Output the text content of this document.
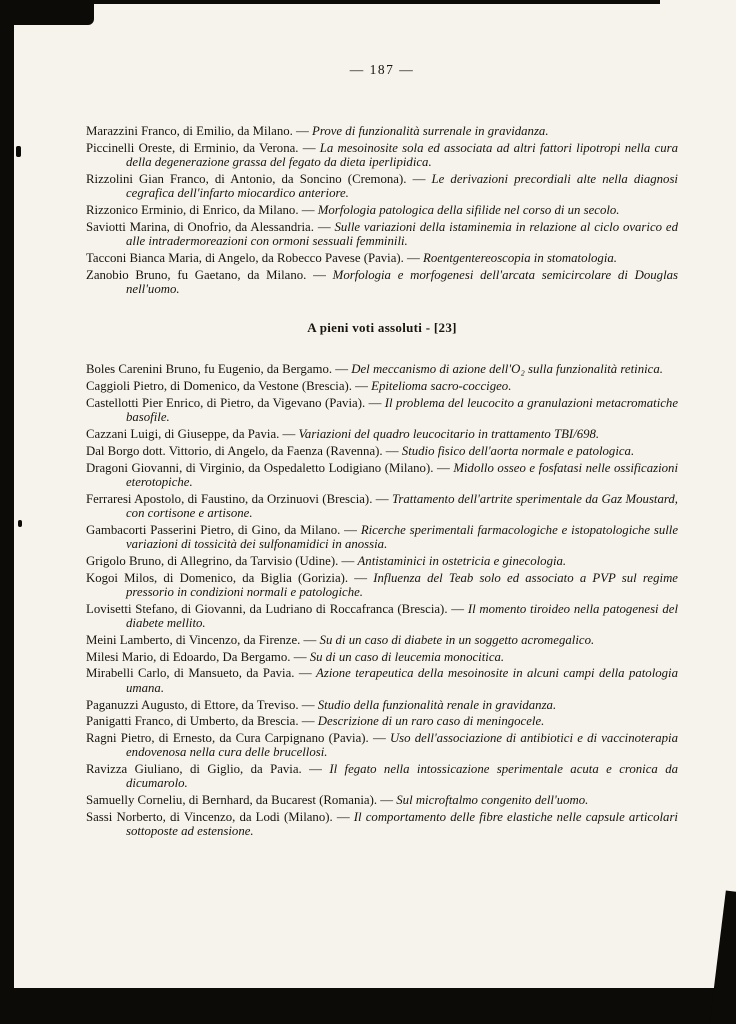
— 187 —

Marazzini Franco, di Emilio, da Milano. — Prove di funzionalità surrenale in gravidanza.

Piccinelli Oreste, di Erminio, da Verona. — La mesoinosite sola ed associata ad altri fattori lipotropi nella cura della degenerazione grassa del fegato da dieta iperlipidica.

Rizzolini Gian Franco, di Antonio, da Soncino (Cremona). — Le derivazioni precordiali alte nella diagnosi cegrafica dell'infarto miocardico anteriore.

Rizzonico Erminio, di Enrico, da Milano. — Morfologia patologica della sifilide nel corso di un secolo.

Saviotti Marina, di Onofrio, da Alessandria. — Sulle variazioni della istaminemia in relazione al ciclo ovarico ed alle intradermoreazioni con ormoni sessuali femminili.

Tacconi Bianca Maria, di Angelo, da Robecco Pavese (Pavia). — Roentgentereoscopia in stomatologia.

Zanobio Bruno, fu Gaetano, da Milano. — Morfologia e morfogenesi dell'arcata semicircolare di Douglas nell'uomo.

A pieni voti assoluti - [23]

Boles Carenini Bruno, fu Eugenio, da Bergamo. — Del meccanismo di azione dell'O₂ sulla funzionalità retinica.

Caggioli Pietro, di Domenico, da Vestone (Brescia). — Epitelioma sacro-coccigeo.

Castellotti Pier Enrico, di Pietro, da Vigevano (Pavia). — Il problema del leucocito a granulazioni metacromatiche basofile.

Cazzani Luigi, di Giuseppe, da Pavia. — Variazioni del quadro leucocitario in trattamento TBI/698.

Dal Borgo dott. Vittorio, di Angelo, da Faenza (Ravenna). — Studio fisico dell'aorta normale e patologica.

Dragoni Giovanni, di Virginio, da Ospedaletto Lodigiano (Milano). — Midollo osseo e fosfatasi nelle ossificazioni eterotopiche.

Ferraresi Apostolo, di Faustino, da Orzinuovi (Brescia). — Trattamento dell'artrite sperimentale da Gaz Moustard, con cortisone e artisone.

Gambacorti Passerini Pietro, di Gino, da Milano. — Ricerche sperimentali farmacologiche e istopatologiche sulle variazioni di tossicità dei sulfonamidici in anossia.

Grigolo Bruno, di Allegrino, da Tarvisio (Udine). — Antistaminici in ostetricia e ginecologia.

Kogoi Milos, di Domenico, da Biglia (Gorizia). — Influenza del Teab solo ed associato a PVP sul regime pressorio in condizioni normali e patologiche.

Lovisetti Stefano, di Giovanni, da Ludriano di Roccafranca (Brescia). — Il momento tiroideo nella patogenesi del diabete mellito.

Meini Lamberto, di Vincenzo, da Firenze. — Su di un caso di diabete in un soggetto acromegalico.

Milesi Mario, di Edoardo, Da Bergamo. — Su di un caso di leucemia monocitica.

Mirabelli Carlo, di Mansueto, da Pavia. — Azione terapeutica della mesoinosite in alcuni campi della patologia umana.

Paganuzzi Augusto, di Ettore, da Treviso. — Studio della funzionalità renale in gravidanza.

Panigatti Franco, di Umberto, da Brescia. — Descrizione di un raro caso di meningocele.

Ragni Pietro, di Ernesto, da Cura Carpignano (Pavia). — Uso dell'associazione di antibiotici e di vaccinoterapia endovenosa nella cura delle brucellosi.

Ravizza Giuliano, di Giglio, da Pavia. — Il fegato nella intossicazione sperimentale acuta e cronica da dicumarolo.

Samuelly Corneliu, di Bernhard, da Bucarest (Romania). — Sul microftalmo congenito dell'uomo.

Sassi Norberto, di Vincenzo, da Lodi (Milano). — Il comportamento delle fibre elastiche nelle capsule articolari sottoposte ad estensione.
